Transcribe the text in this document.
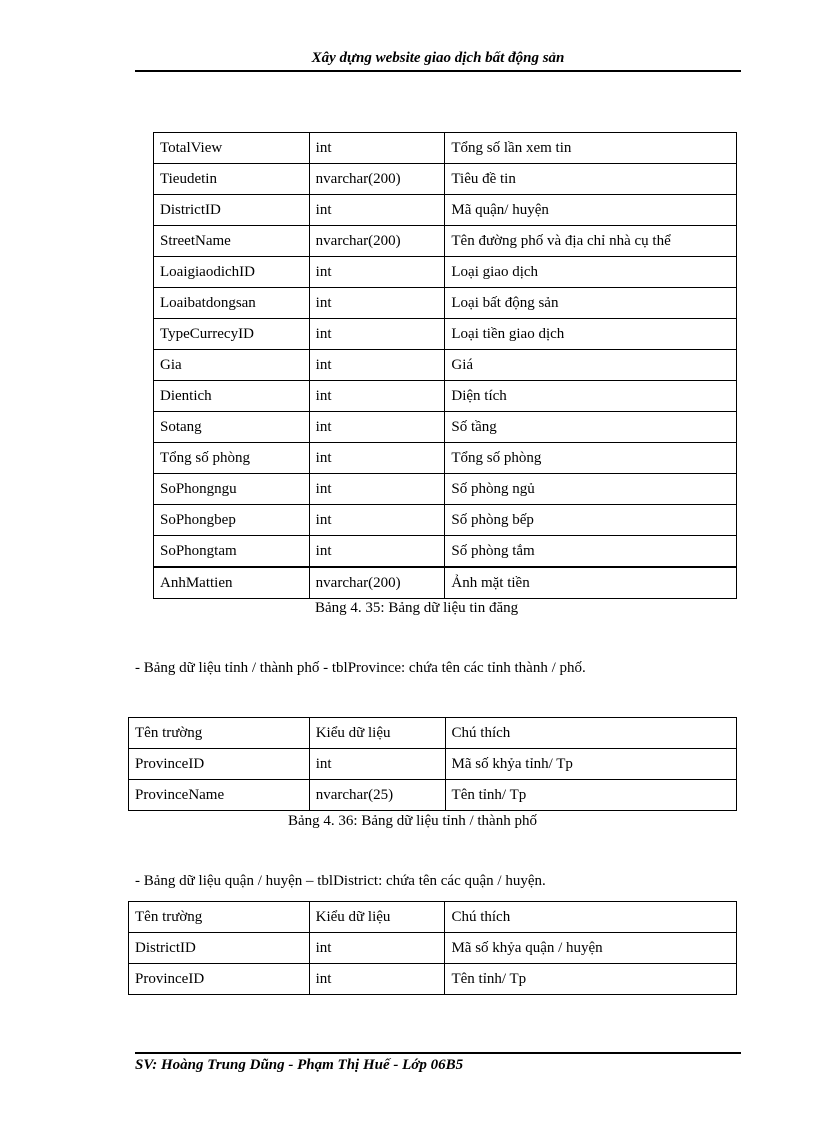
Xây dựng website giao dịch bất động sản
TotalView	int	Tổng số lần xem tin
Tieudetin	nvarchar(200)	Tiêu đề tin
DistrictID	int	Mã quận/ huyện
StreetName	nvarchar(200)	Tên đường phố và địa chỉ nhà cụ thể
LoaigiaodichID	int	Loại giao dịch
Loaibatdongsan	int	Loại bất động sản
TypeCurrecyID	int	Loại tiền giao dịch
Gia	int	Giá
Dientich	int	Diện tích
Sotang	int	Số tầng
Tổng số phòng	int	Tổng số phòng
SoPhongngu	int	Số phòng ngủ
SoPhongbep	int	Số phòng bếp
SoPhongtam	int	Số phòng tắm
AnhMattien	nvarchar(200)	Ảnh mặt tiền
Bảng 4. 35: Bảng dữ liệu tin đăng
- Bảng dữ liệu tỉnh / thành phố - tblProvince: chứa tên các tỉnh thành / phố.
Tên trường	Kiểu dữ liệu	Chú thích
ProvinceID	int	Mã số khỷa tỉnh/ Tp
ProvinceName	nvarchar(25)	Tên tỉnh/ Tp
Bảng 4. 36: Bảng dữ liệu tỉnh / thành phố
- Bảng dữ liệu quận / huyện – tblDistrict: chứa tên các quận / huyện.
Tên trường	Kiểu dữ liệu	Chú thích
DistrictID	int	Mã số khỷa quận / huyện
ProvinceID	int	Tên tỉnh/ Tp
SV: Hoàng Trung Dũng - Phạm Thị Huế - Lớp 06B5
